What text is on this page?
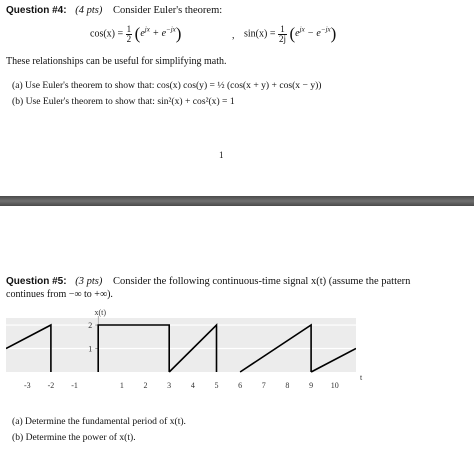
Question #4: (4 pts) Consider Euler's theorem:
$\cos(x) = \frac{1}{2} (e^{jx} + e^{-jx})$	, $\sin(x) = \frac{1}{2j} (e^{jx} - e^{-jx})$
These relationships can be useful for simplifying math.
(a) Use Euler's theorem to show that: cos(x) cos(y) = ½ (cos(x + y) + cos(x − y))
(b) Use Euler's theorem to show that: sin²(x) + cos²(x) = 1
1
Question #5: (3 pts) Consider the following continuous-time signal x(t) (assume the pattern
continues from −∞ to +∞).
1
2
-3 -2 -1	1 2 3 4 5 6 7 8 9 10
x(t)
t
(a) Determine the fundamental period of x(t).
(b) Determine the power of x(t).
